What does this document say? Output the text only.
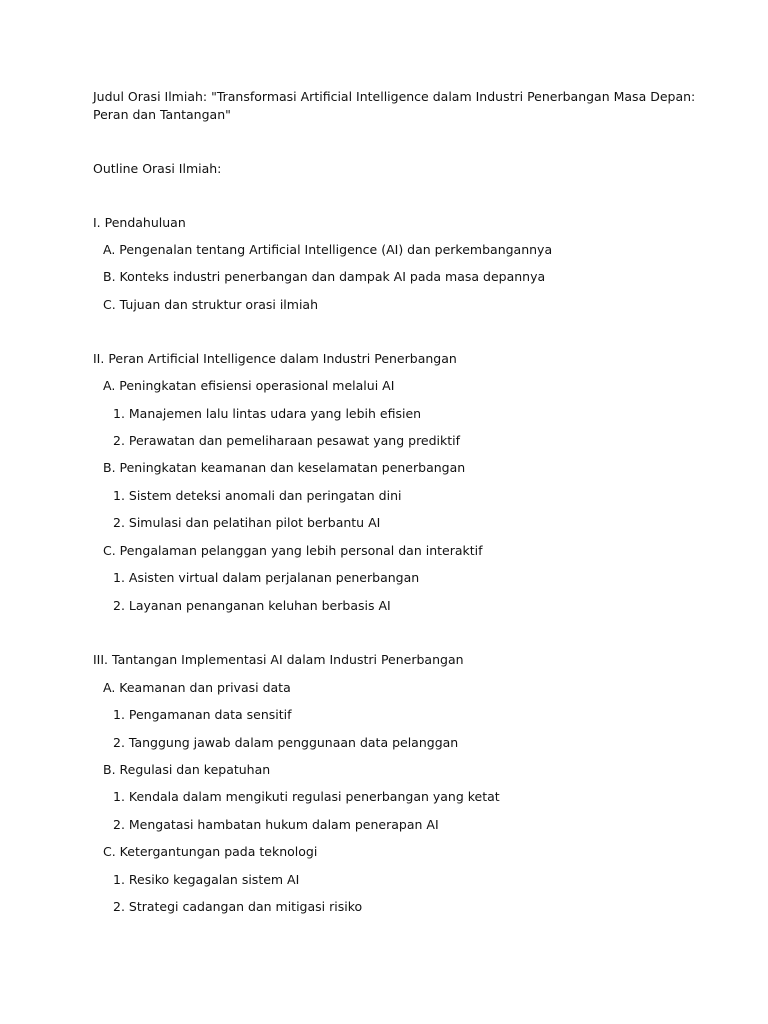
Judul Orasi Ilmiah: "Transformasi Artificial Intelligence dalam Industri Penerbangan Masa Depan:
Peran dan Tantangan"
Outline Orasi Ilmiah:
I. Pendahuluan
A. Pengenalan tentang Artificial Intelligence (AI) dan perkembangannya
B. Konteks industri penerbangan dan dampak AI pada masa depannya
C. Tujuan dan struktur orasi ilmiah
II. Peran Artificial Intelligence dalam Industri Penerbangan
A. Peningkatan efisiensi operasional melalui AI
1. Manajemen lalu lintas udara yang lebih efisien
2. Perawatan dan pemeliharaan pesawat yang prediktif
B. Peningkatan keamanan dan keselamatan penerbangan
1. Sistem deteksi anomali dan peringatan dini
2. Simulasi dan pelatihan pilot berbantu AI
C. Pengalaman pelanggan yang lebih personal dan interaktif
1. Asisten virtual dalam perjalanan penerbangan
2. Layanan penanganan keluhan berbasis AI
III. Tantangan Implementasi AI dalam Industri Penerbangan
A. Keamanan dan privasi data
1. Pengamanan data sensitif
2. Tanggung jawab dalam penggunaan data pelanggan
B. Regulasi dan kepatuhan
1. Kendala dalam mengikuti regulasi penerbangan yang ketat
2. Mengatasi hambatan hukum dalam penerapan AI
C. Ketergantungan pada teknologi
1. Resiko kegagalan sistem AI
2. Strategi cadangan dan mitigasi risiko
